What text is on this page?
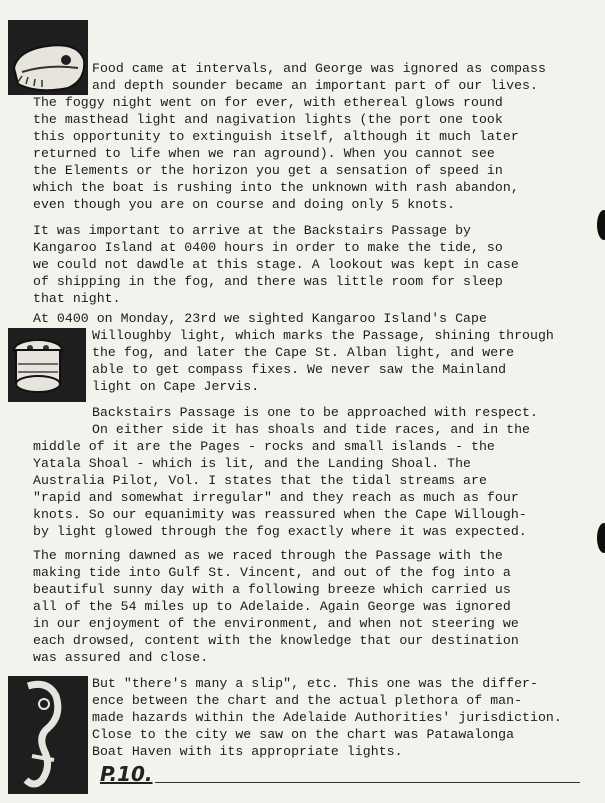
Food came at intervals, and George was ignored as compass
and depth sounder became an important part of our lives.
The foggy night went on for ever, with ethereal glows round
the masthead light and nagivation lights (the port one took
this opportunity to extinguish itself, although it much later
returned to life when we ran aground). When you cannot see
the Elements or the horizon you get a sensation of speed in
which the boat is rushing into the unknown with rash abandon,
even though you are on course and doing only 5 knots.
It was important to arrive at the Backstairs Passage by
Kangaroo Island at 0400 hours in order to make the tide, so
we could not dawdle at this stage. A lookout was kept in case
of shipping in the fog, and there was little room for sleep
that night.
At 0400 on Monday, 23rd we sighted Kangaroo Island's Cape
Willoughby light, which marks the Passage, shining through
the fog, and later the Cape St. Alban light, and were
able to get compass fixes. We never saw the Mainland
light on Cape Jervis.
Backstairs Passage is one to be approached with respect.
On either side it has shoals and tide races, and in the
middle of it are the Pages - rocks and small islands - the
Yatala Shoal - which is lit, and the Landing Shoal. The
Australia Pilot, Vol. I states that the tidal streams are
"rapid and somewhat irregular" and they reach as much as four
knots. So our equanimity was reassured when the Cape Willough-
by light glowed through the fog exactly where it was expected.
The morning dawned as we raced through the Passage with the
making tide into Gulf St. Vincent, and out of the fog into a
beautiful sunny day with a following breeze which carried us
all of the 54 miles up to Adelaide. Again George was ignored
in our enjoyment of the environment, and when not steering we
each drowsed, content with the knowledge that our destination
was assured and close.
But "there's many a slip", etc. This one was the differ-
ence between the chart and the actual plethora of man-
made hazards within the Adelaide Authorities' jurisdiction.
Close to the city we saw on the chart was Patawalonga
Boat Haven with its appropriate lights.
P.10.
